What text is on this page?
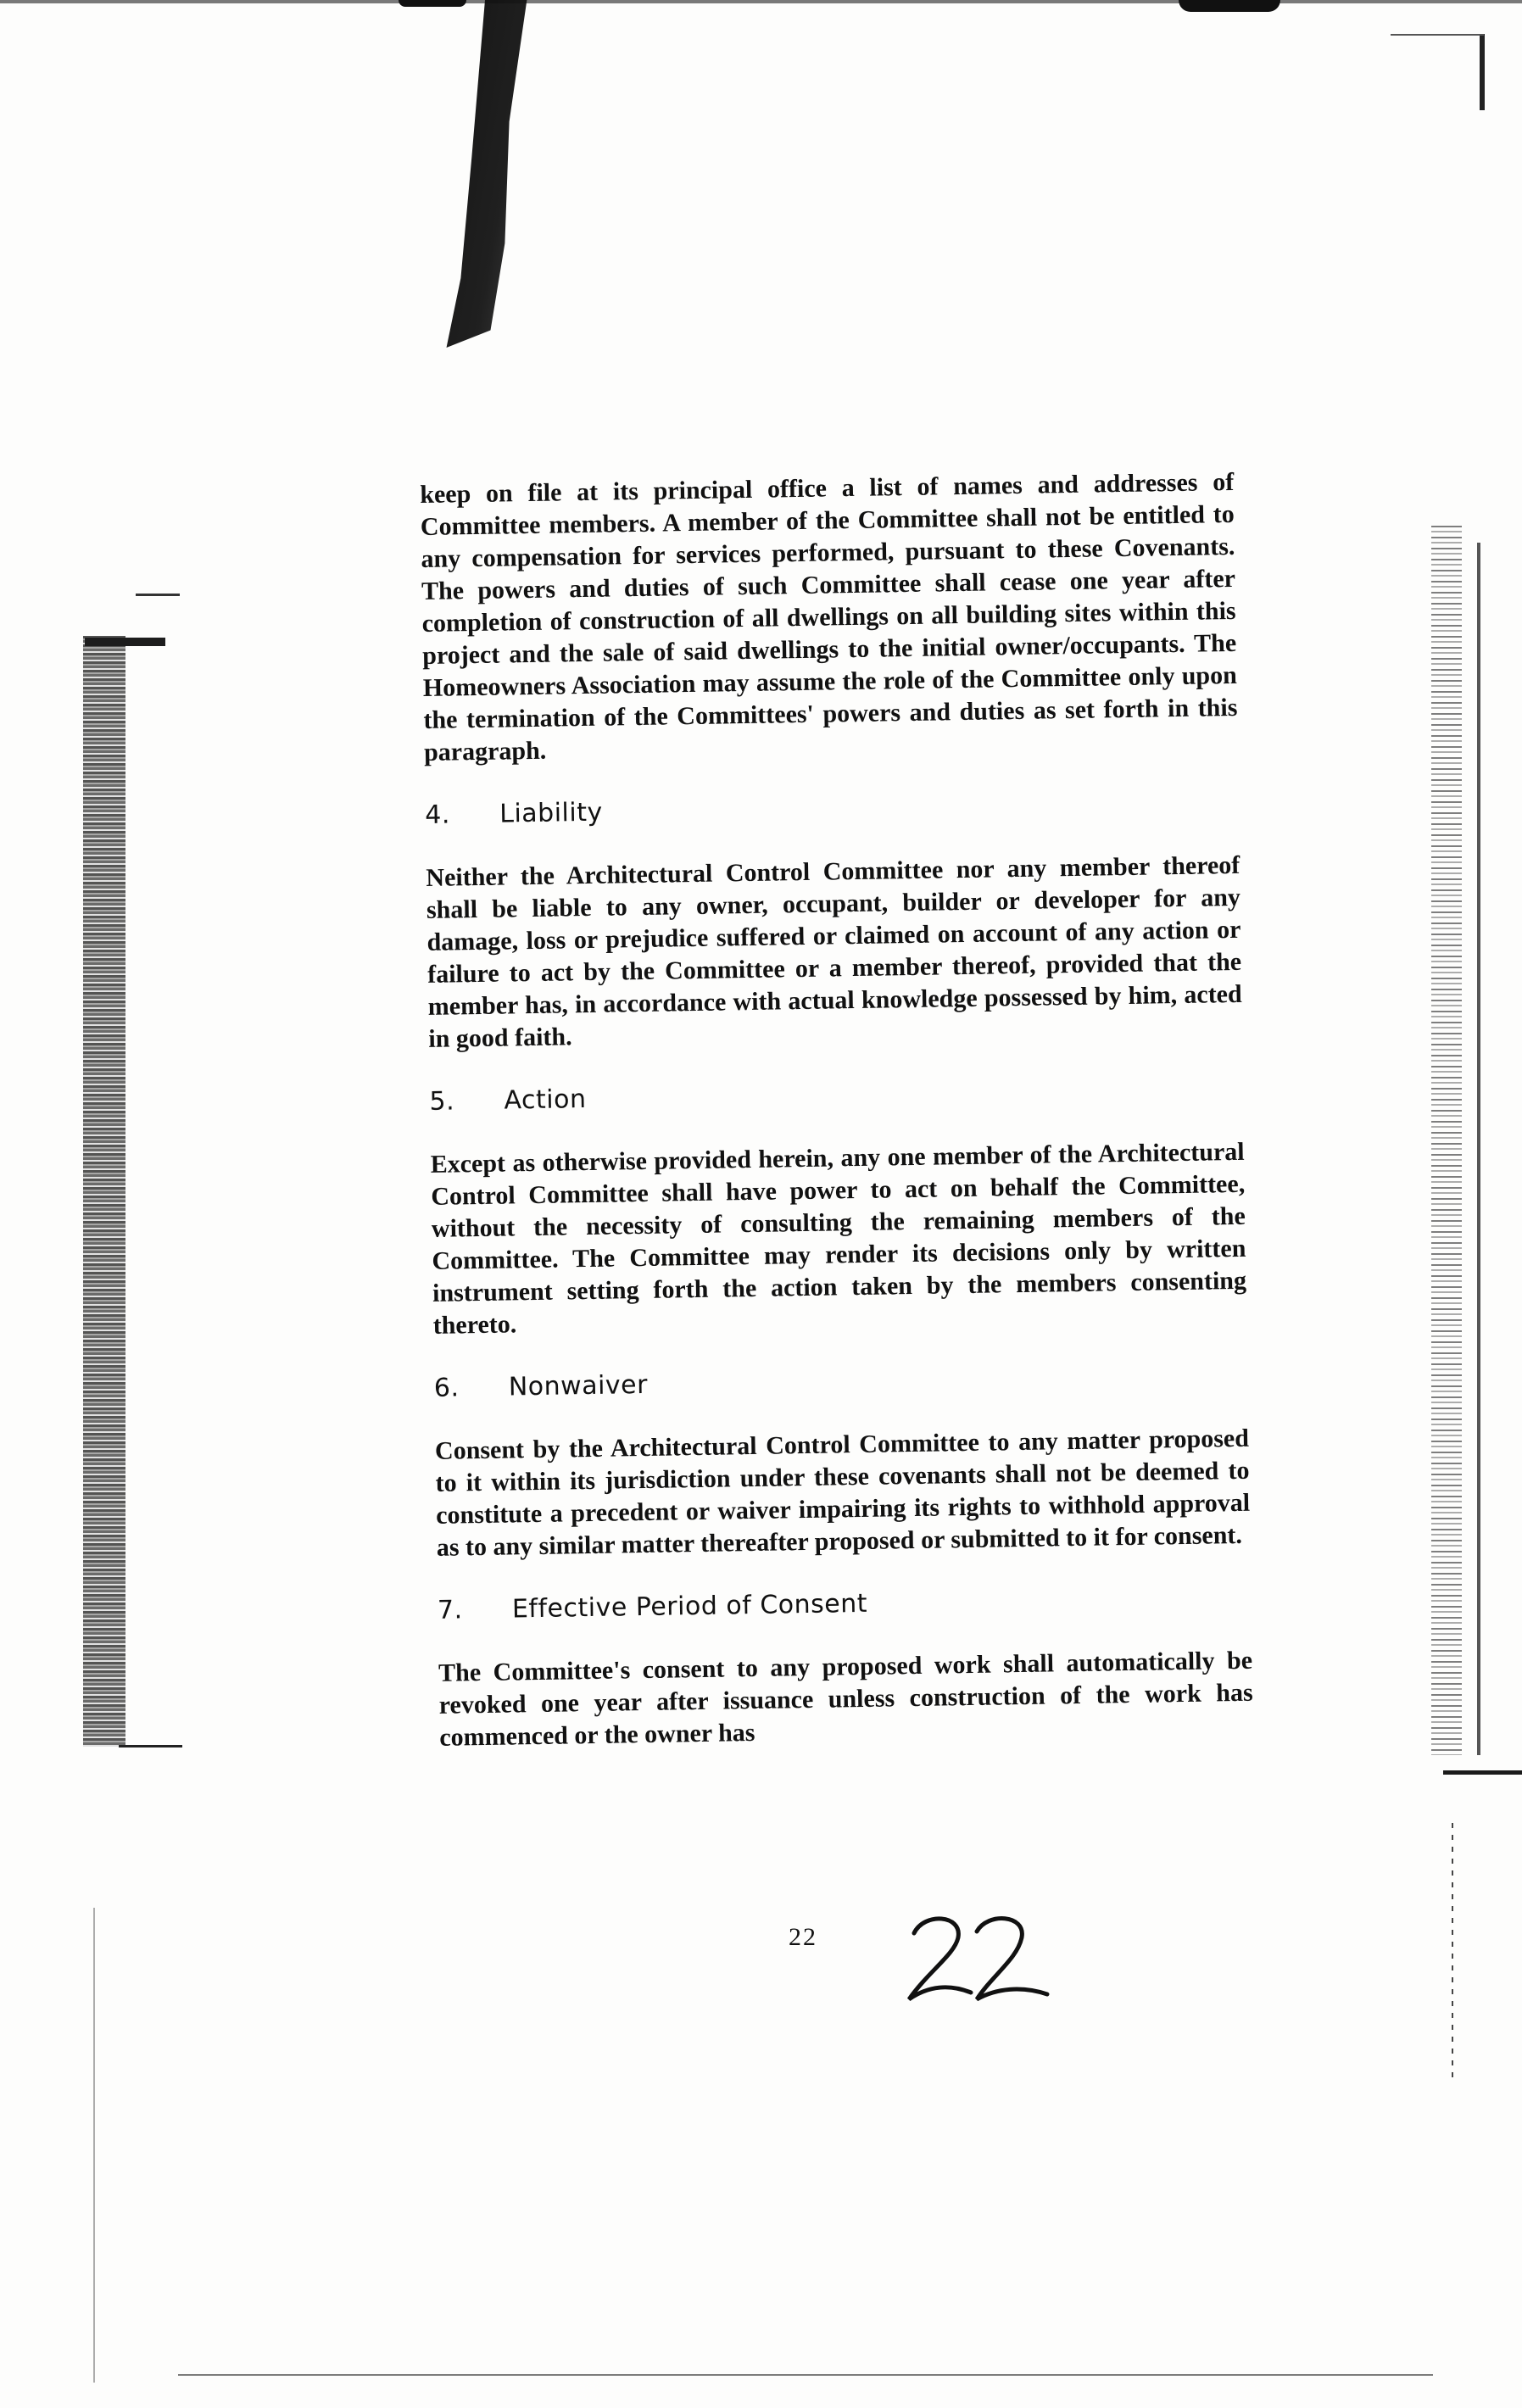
keep on file at its principal office a list of names and addresses of Committee members. A member of the Committee shall not be entitled to any compensation for services performed, pursuant to these Covenants. The powers and duties of such Committee shall cease one year after completion of construction of all dwellings on all building sites within this project and the sale of said dwellings to the initial owner/occupants. The Homeowners Association may assume the role of the Committee only upon the termination of the Committees' powers and duties as set forth in this paragraph.

4.	Liability

Neither the Architectural Control Committee nor any member thereof shall be liable to any owner, occupant, builder or developer for any damage, loss or prejudice suffered or claimed on account of any action or failure to act by the Committee or a member thereof, provided that the member has, in accordance with actual knowledge possessed by him, acted in good faith.

5.	Action

Except as otherwise provided herein, any one member of the Architectural Control Committee shall have power to act on behalf the Committee, without the necessity of consulting the remaining members of the Committee. The Committee may render its decisions only by written instrument setting forth the action taken by the members consenting thereto.

6.	Nonwaiver

Consent by the Architectural Control Committee to any matter proposed to it within its jurisdiction under these covenants shall not be deemed to constitute a precedent or waiver impairing its rights to withhold approval as to any similar matter thereafter proposed or submitted to it for consent.

7.	Effective Period of Consent

The Committee's consent to any proposed work shall automatically be revoked one year after issuance unless construction of the work has commenced or the owner has

22
